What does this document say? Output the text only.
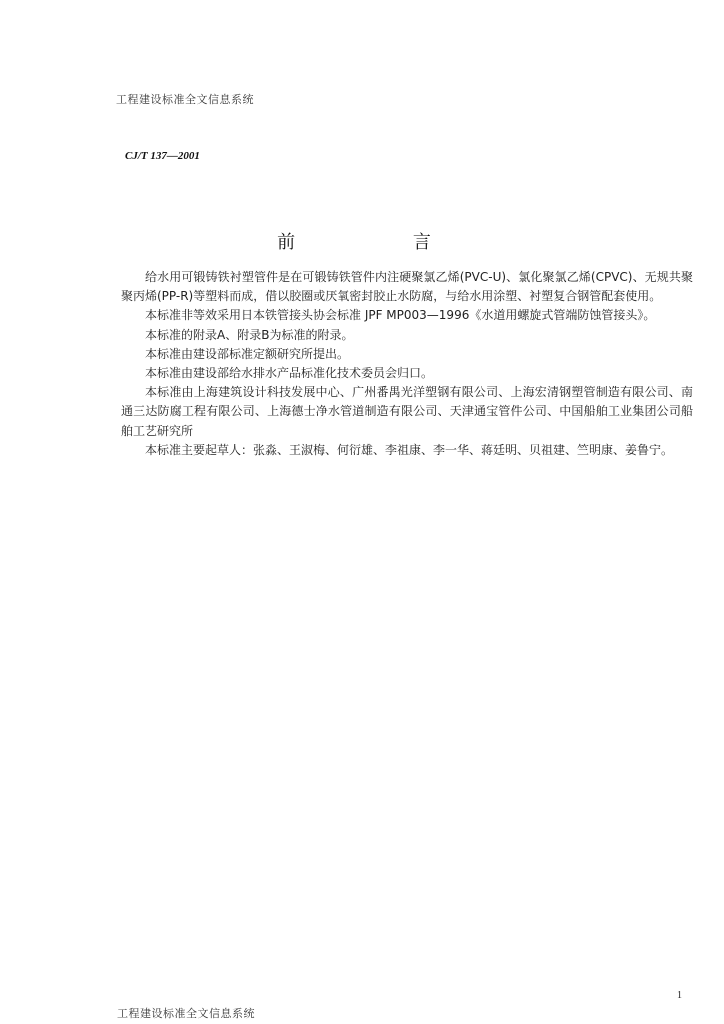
工程建设标准全文信息系统
CJ/T 137—2001
前 言

给水用可锻铸铁衬塑管件是在可锻铸铁管件内注硬聚氯乙烯(PVC-U)、氯化聚氯乙烯(CPVC)、无规共聚聚丙烯(PP-R)等塑料而成，借以胶圈或厌氧密封胶止水防腐，与给水用涂塑、衬塑复合钢管配套使用。

本标准非等效采用日本铁管接头协会标准 JPF MP003—1996《水道用螺旋式管端防蚀管接头》。

本标准的附录A、附录B为标准的附录。

本标准由建设部标准定额研究所提出。

本标准由建设部给水排水产品标准化技术委员会归口。

本标准由上海建筑设计科技发展中心、广州番禺光洋塑钢有限公司、上海宏清钢塑管制造有限公司、南通三达防腐工程有限公司、上海德士净水管道制造有限公司、天津通宝管件公司、中国船舶工业集团公司船舶工艺研究所

本标准主要起草人：张淼、王淑梅、何衍雄、李祖康、李一华、蒋廷明、贝祖建、竺明康、姜鲁宁。

1
工程建设标准全文信息系统
